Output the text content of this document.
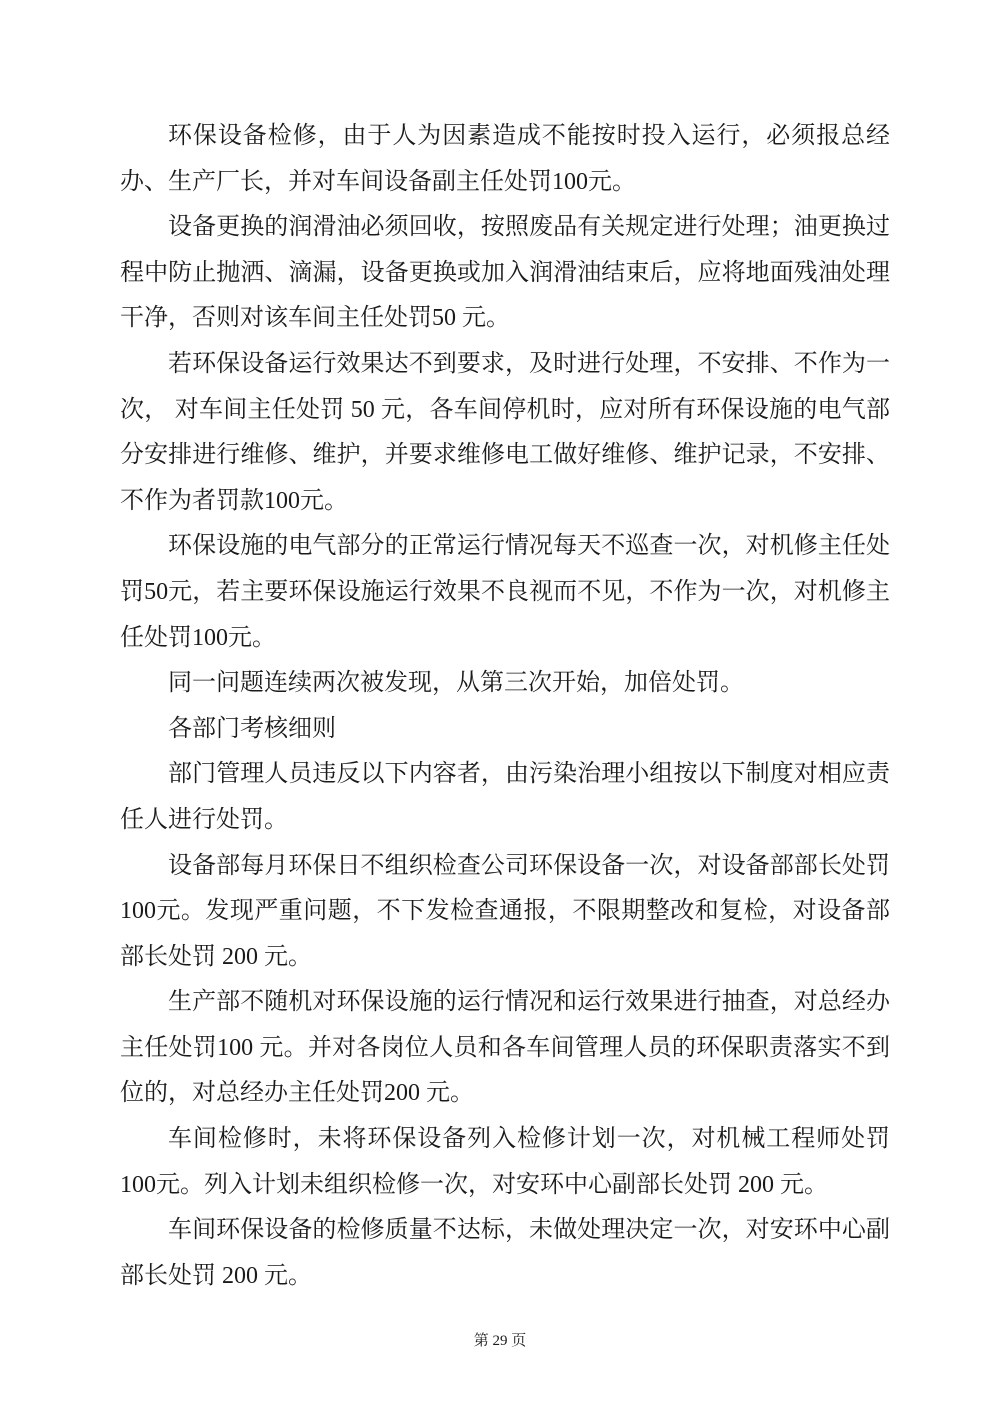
环保设备检修，由于人为因素造成不能按时投入运行，必须报总经办、生产厂长，并对车间设备副主任处罚100元。

设备更换的润滑油必须回收，按照废品有关规定进行处理；油更换过程中防止抛洒、滴漏，设备更换或加入润滑油结束后，应将地面残油处理干净，否则对该车间主任处罚50 元。

若环保设备运行效果达不到要求，及时进行处理，不安排、不作为一次， 对车间主任处罚 50 元，各车间停机时，应对所有环保设施的电气部分安排进行维修、维护，并要求维修电工做好维修、维护记录，不安排、不作为者罚款100元。

环保设施的电气部分的正常运行情况每天不巡查一次，对机修主任处罚50元，若主要环保设施运行效果不良视而不见，不作为一次，对机修主任处罚100元。

同一问题连续两次被发现，从第三次开始，加倍处罚。

各部门考核细则

部门管理人员违反以下内容者，由污染治理小组按以下制度对相应责任人进行处罚。

设备部每月环保日不组织检查公司环保设备一次，对设备部部长处罚100元。发现严重问题，不下发检查通报，不限期整改和复检，对设备部部长处罚 200 元。

生产部不随机对环保设施的运行情况和运行效果进行抽查，对总经办主任处罚100 元。并对各岗位人员和各车间管理人员的环保职责落实不到位的，对总经办主任处罚200 元。

车间检修时，未将环保设备列入检修计划一次，对机械工程师处罚100元。列入计划未组织检修一次，对安环中心副部长处罚 200 元。

车间环保设备的检修质量不达标，未做处理决定一次，对安环中心副部长处罚 200 元。

第 29 页
